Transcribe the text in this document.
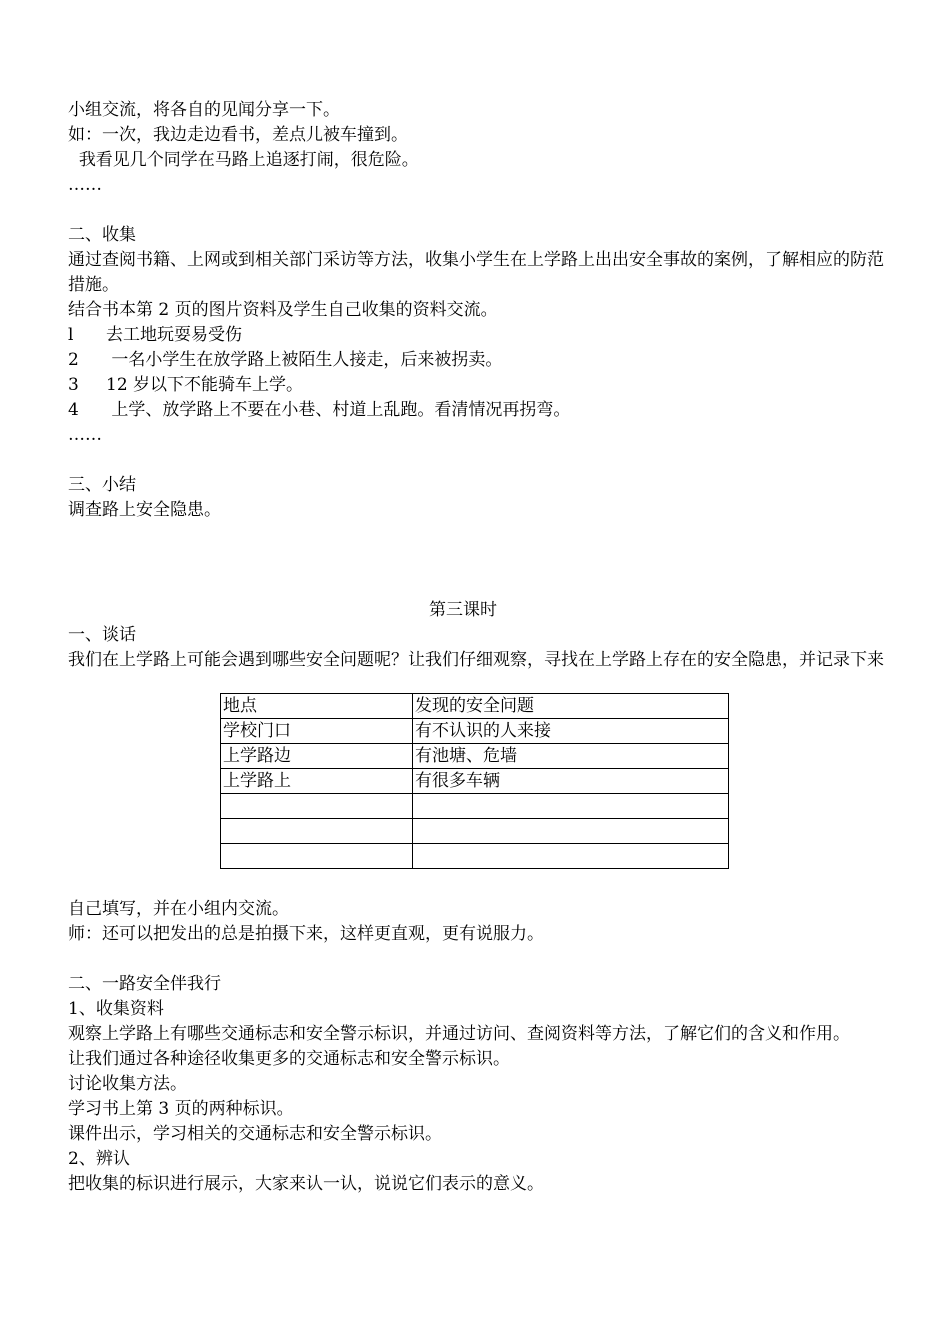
小组交流，将各自的见闻分享一下。

如：一次，我边走边看书，差点儿被车撞到。

我看见几个同学在马路上追逐打闹，很危险。

……

二、收集

通过查阅书籍、上网或到相关部门采访等方法，收集小学生在上学路上出出安全事故的案例，了解相应的防范措施。

结合书本第 2 页的图片资料及学生自己收集的资料交流。

l 去工地玩耍易受伤

2 一名小学生在放学路上被陌生人接走，后来被拐卖。

3 12 岁以下不能骑车上学。

4 上学、放学路上不要在小巷、村道上乱跑。看清情况再拐弯。

……

三、小结

调查路上安全隐患。

第三课时

一、谈话

我们在上学路上可能会遇到哪些安全问题呢？让我们仔细观察，寻找在上学路上存在的安全隐患，并记录下来

地点	发现的安全问题
学校门口	有不认识的人来接
上学路边	有池塘、危墙
上学路上	有很多车辆

自己填写，并在小组内交流。

师：还可以把发出的总是拍摄下来，这样更直观，更有说服力。

二、一路安全伴我行

1、收集资料

观察上学路上有哪些交通标志和安全警示标识，并通过访问、查阅资料等方法，了解它们的含义和作用。

让我们通过各种途径收集更多的交通标志和安全警示标识。

讨论收集方法。

学习书上第 3 页的两种标识。

课件出示，学习相关的交通标志和安全警示标识。

2、辨认

把收集的标识进行展示，大家来认一认，说说它们表示的意义。
